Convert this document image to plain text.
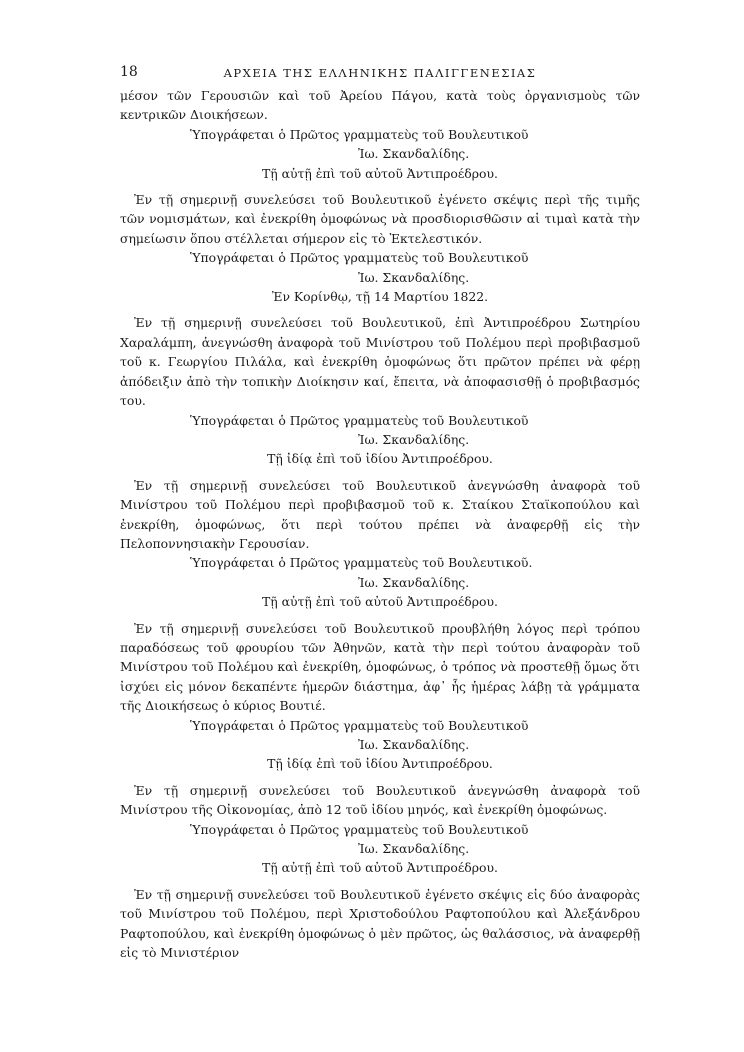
18	ΑΡΧΕΙΑ ΤΗΣ ΕΛΛΗΝΙΚΗΣ ΠΑΛΙΓΓΕΝΕΣΙΑΣ

μέσον τῶν Γερουσιῶν καὶ τοῦ Ἀρείου Πάγου, κατὰ τοὺς ὀργανισμοὺς τῶν κεντρικῶν Διοικήσεων.

Ὑπογράφεται ὁ Πρῶτος γραμματεὺς τοῦ Βουλευτικοῦ

Ἰω. Σκανδαλίδης.

Τῇ αὐτῇ ἐπὶ τοῦ αὐτοῦ Ἀντιπροέδρου.

Ἐν τῇ σημερινῇ συνελεύσει τοῦ Βουλευτικοῦ ἐγένετο σκέψις περὶ τῆς τιμῆς τῶν νομισμάτων, καὶ ἐνεκρίθη ὁμοφώνως νὰ προσδιορισθῶσιν αἱ τιμαὶ κατὰ τὴν σημείωσιν ὅπου στέλλεται σήμερον εἰς τὸ Ἐκτελεστικόν.

Ὑπογράφεται ὁ Πρῶτος γραμματεὺς τοῦ Βουλευτικοῦ

Ἰω. Σκανδαλίδης.

Ἐν Κορίνθῳ, τῇ 14 Μαρτίου 1822.

Ἐν τῇ σημερινῇ συνελεύσει τοῦ Βουλευτικοῦ, ἐπὶ Ἀντιπροέδρου Σωτηρίου Χαραλάμπη, ἀνεγνώσθη ἀναφορὰ τοῦ Μινίστρου τοῦ Πολέμου περὶ προβιβασμοῦ τοῦ κ. Γεωργίου Πιλάλα, καὶ ἐνεκρίθη ὁμοφώνως ὅτι πρῶτον πρέπει νὰ φέρῃ ἀπόδειξιν ἀπὸ τὴν τοπικὴν Διοίκησιν καί, ἔπειτα, νὰ ἀποφασισθῇ ὁ προβιβασμός του.

Ὑπογράφεται ὁ Πρῶτος γραμματεὺς τοῦ Βουλευτικοῦ

Ἰω. Σκανδαλίδης.

Τῇ ἰδίᾳ ἐπὶ τοῦ ἰδίου Ἀντιπροέδρου.

Ἐν τῇ σημερινῇ συνελεύσει τοῦ Βουλευτικοῦ ἀνεγνώσθη ἀναφορὰ τοῦ Μινίστρου τοῦ Πολέμου περὶ προβιβασμοῦ τοῦ κ. Σταίκου Σταϊκοπούλου καὶ ἐνεκρίθη, ὁμοφώνως, ὅτι περὶ τούτου πρέπει νὰ ἀναφερθῇ εἰς τὴν Πελοποννησιακὴν Γερουσίαν.

Ὑπογράφεται ὁ Πρῶτος γραμματεὺς τοῦ Βουλευτικοῦ.

Ἰω. Σκανδαλίδης.

Τῇ αὐτῇ ἐπὶ τοῦ αὐτοῦ Ἀντιπροέδρου.

Ἐν τῇ σημερινῇ συνελεύσει τοῦ Βουλευτικοῦ προυβλήθη λόγος περὶ τρόπου παραδόσεως τοῦ φρουρίου τῶν Ἀθηνῶν, κατὰ τὴν περὶ τούτου ἀναφορὰν τοῦ Μινίστρου τοῦ Πολέμου καὶ ἐνεκρίθη, ὁμοφώνως, ὁ τρόπος νὰ προστεθῇ ὅμως ὅτι ἰσχύει εἰς μόνον δεκαπέντε ἡμερῶν διάστημα, ἀφ᾽ ἧς ἡμέρας λάβῃ τὰ γράμματα τῆς Διοικήσεως ὁ κύριος Βουτιέ.

Ὑπογράφεται ὁ Πρῶτος γραμματεὺς τοῦ Βουλευτικοῦ

Ἰω. Σκανδαλίδης.

Τῇ ἰδίᾳ ἐπὶ τοῦ ἰδίου Ἀντιπροέδρου.

Ἐν τῇ σημερινῇ συνελεύσει τοῦ Βουλευτικοῦ ἀνεγνώσθη ἀναφορὰ τοῦ Μινίστρου τῆς Οἰκονομίας, ἀπὸ 12 τοῦ ἰδίου μηνός, καὶ ἐνεκρίθη ὁμοφώνως.

Ὑπογράφεται ὁ Πρῶτος γραμματεὺς τοῦ Βουλευτικοῦ

Ἰω. Σκανδαλίδης.

Τῇ αὐτῇ ἐπὶ τοῦ αὐτοῦ Ἀντιπροέδρου.

Ἐν τῇ σημερινῇ συνελεύσει τοῦ Βουλευτικοῦ ἐγένετο σκέψις εἰς δύο ἀναφορὰς τοῦ Μινίστρου τοῦ Πολέμου, περὶ Χριστοδούλου Ραφτοπούλου καὶ Ἀλεξάνδρου Ραφτοπούλου, καὶ ἐνεκρίθη ὁμοφώνως ὁ μὲν πρῶτος, ὡς θαλάσσιος, νὰ ἀναφερθῇ εἰς τὸ Μινιστέριον
